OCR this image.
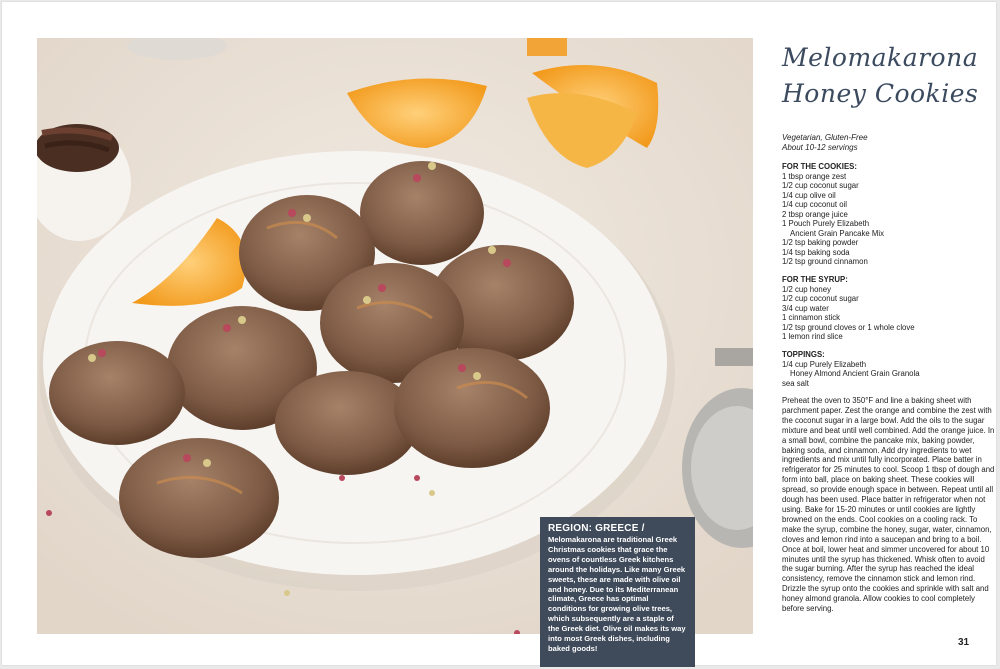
REGION: GREECE /
Melomakarona are traditional Greek Christmas cookies that grace the ovens of countless Greek kitchens around the holidays. Like many Greek sweets, these are made with olive oil and honey. Due to its Mediterranean climate, Greece has optimal conditions for growing olive trees, which subsequently are a staple of the Greek diet. Olive oil makes its way into most Greek dishes, including baked goods!
Melomakarona
Honey Cookies
Vegetarian, Gluten-Free
About 10-12 servings
FOR THE COOKIES:
1 tbsp orange zest
1/2 cup coconut sugar
1/4 cup olive oil
1/4 cup coconut oil
2 tbsp orange juice
1 Pouch Purely Elizabeth
Ancient Grain Pancake Mix
1/2 tsp baking powder
1/4 tsp baking soda
1/2 tsp ground cinnamon
FOR THE SYRUP:
1/2 cup honey
1/2 cup coconut sugar
3/4 cup water
1 cinnamon stick
1/2 tsp ground cloves or 1 whole clove
1 lemon rind slice
TOPPINGS:
1/4 cup Purely Elizabeth
Honey Almond Ancient Grain Granola
sea salt
Preheat the oven to 350°F and line a baking sheet with parchment paper. Zest the orange and combine the zest with the coconut sugar in a large bowl. Add the oils to the sugar mixture and beat until well combined. Add the orange juice. In a small bowl, combine the pancake mix, baking powder, baking soda, and cinnamon. Add dry ingredients to wet ingredients and mix until fully incorporated. Place batter in refrigerator for 25 minutes to cool. Scoop 1 tbsp of dough and form into ball, place on baking sheet. These cookies will spread, so provide enough space in between. Repeat until all dough has been used. Place batter in refrigerator when not using. Bake for 15-20 minutes or until cookies are lightly browned on the ends. Cool cookies on a cooling rack. To make the syrup, combine the honey, sugar, water, cinnamon, cloves and lemon rind into a saucepan and bring to a boil. Once at boil, lower heat and simmer uncovered for about 10 minutes until the syrup has thickened. Whisk often to avoid the sugar burning. After the syrup has reached the ideal consistency, remove the cinnamon stick and lemon rind. Drizzle the syrup onto the cookies and sprinkle with salt and honey almond granola. Allow cookies to cool completely before serving.
31
